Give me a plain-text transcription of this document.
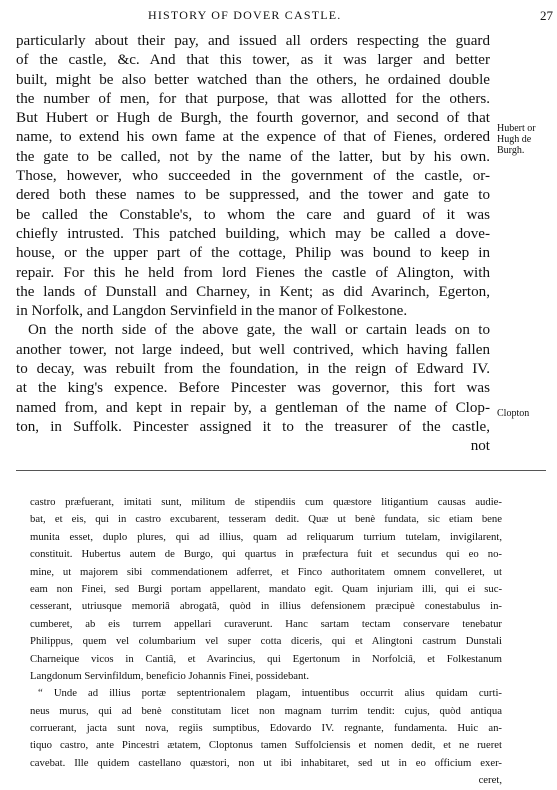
HISTORY OF DOVER CASTLE.	27
particularly about their pay, and issued all orders respecting the guard
of the castle, &c. And that this tower, as it was larger and better
built, might be also better watched than the others, he ordained double
the number of men, for that purpose, that was allotted for the others.
But Hubert or Hugh de Burgh, the fourth governor, and second of that
name, to extend his own fame at the expence of that of Fienes, ordered
the gate to be called, not by the name of the latter, but by his own.
Those, however, who succeeded in the government of the castle, or-
dered both these names to be suppressed, and the tower and gate to
be called the Constable's, to whom the care and guard of it was
chiefly intrusted. This patched building, which may be called a dove-
house, or the upper part of the cottage, Philip was bound to keep in
repair. For this he held from lord Fienes the castle of Alington, with
the lands of Dunstall and Charney, in Kent; as did Avarinch, Egerton,
in Norfolk, and Langdon Servinfield in the manor of Folkestone.
On the north side of the above gate, the wall or cartain leads on to
another tower, not large indeed, but well contrived, which having fallen
to decay, was rebuilt from the foundation, in the reign of Edward IV.
at the king's expence. Before Pincester was governor, this fort was
named from, and kept in repair by, a gentleman of the name of Clop-
ton, in Suffolk. Pincester assigned it to the treasurer of the castle,
not
Hubert or Hugh de Burgh.
Clopton
castro præfuerant, imitati sunt, militum de stipendiis cum quæstore litigantium causas audie-
bat, et eis, qui in castro excubarent, tesseram dedit. Quæ ut benè fundata, sic etiam bene
munita esset, duplo plures, qui ad illius, quam ad reliquarum turrium tutelam, invigilarent,
constituit. Hubertus autem de Burgo, qui quartus in præfectura fuit et secundus qui eo no-
mine, ut majorem sibi commendationem adferret, et Finco authoritatem omnem convelleret, ut
eam non Finei, sed Burgi portam appellarent, mandato egit. Quam injuriam illi, qui ei suc-
cesserant, utriusque memoriâ abrogatâ, quòd in illius defensionem præcipuè conestabulus in-
cumberet, ab eis turrem appellari curaverunt. Hanc sartam tectam conservare tenebatur
Philippus, quem vel columbarium vel super cotta diceris, qui et Alingtoni castrum Dunstali
Charneique vicos in Cantiâ, et Avarincius, qui Egertonum in Norfolciâ, et Folkestanum
Langdonum Servinfildum, beneficio Johannis Finei, possidebant.
“ Unde ad illius portæ septentrionalem plagam, intuentibus occurrit alius quidam curti-
neus murus, qui ad benè constitutam licet non magnam turrim tendit: cujus, quòd antiqua
corruerant, jacta sunt nova, regiis sumptibus, Edovardo IV. regnante, fundamenta. Huic an-
tiquo castro, ante Pincestri ætatem, Cloptonus tamen Suffolciensis et nomen dedit, et ne rueret
cavebat. Ille quidem castellano quæstori, non ut ibi inhabitaret, sed ut in eo officium exer-
ceret,
